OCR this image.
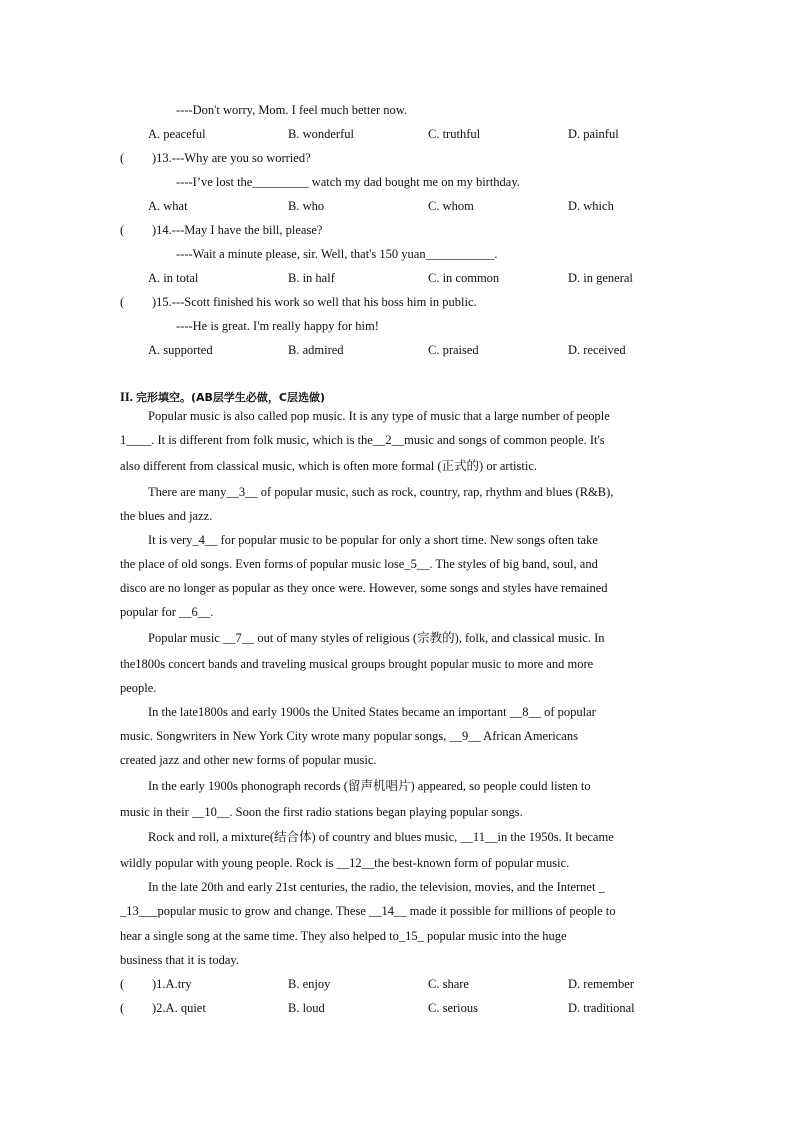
----Don't worry, Mom. I feel much better now.
A. peaceful	B. wonderful	C. truthful	D. painful
( )13.---Why are you so worried?
----I’ve lost the_________ watch my dad bought me on my birthday.
A. what	B. who	C. whom	D. which
( )14.---May I have the bill, please?
----Wait a minute please, sir. Well, that's 150 yuan___________.
A. in total	B. in half	C. in common	D. in general
( )15.---Scott finished his work so well that his boss him in public.
----He is great. I'm really happy for him!
A. supported	B. admired	C. praised	D. received
II. 完形填空。(AB层学生必做，C层选做)
Popular music is also called pop music. It is any type of music that a large number of people
1____. It is different from folk music, which is the__2__music and songs of common people. It's
also different from classical music, which is often more formal (正式的) or artistic.
There are many__3__ of popular music, such as rock, country, rap, rhythm and blues (R&B),
the blues and jazz.
It is very_4__ for popular music to be popular for only a short time. New songs often take
the place of old songs. Even forms of popular music lose_5__. The styles of big band, soul, and
disco are no longer as popular as they once were. However, some songs and styles have remained
popular for __6__.
Popular music __7__ out of many styles of religious (宗教的), folk, and classical music. In
the1800s concert bands and traveling musical groups brought popular music to more and more
people.
In the late1800s and early 1900s the United States became an important __8__ of popular
music. Songwriters in New York City wrote many popular songs, __9__ African Americans
created jazz and other new forms of popular music.
In the early 1900s phonograph records (留声机唱片) appeared, so people could listen to
music in their __10__. Soon the first radio stations began playing popular songs.
Rock and roll, a mixture(结合体) of country and blues music, __11__in the 1950s. It became
wildly popular with young people. Rock is __12__the best-known form of popular music.
In the late 20th and early 21st centuries, the radio, the television, movies, and the Internet _
_13___popular music to grow and change. These __14__ made it possible for millions of people to
hear a single song at the same time. They also helped to_15_ popular music into the huge
business that it is today.
( )1.A.try	B. enjoy	C. share	D. remember
( )2.A. quiet	B. loud	C. serious	D. traditional
